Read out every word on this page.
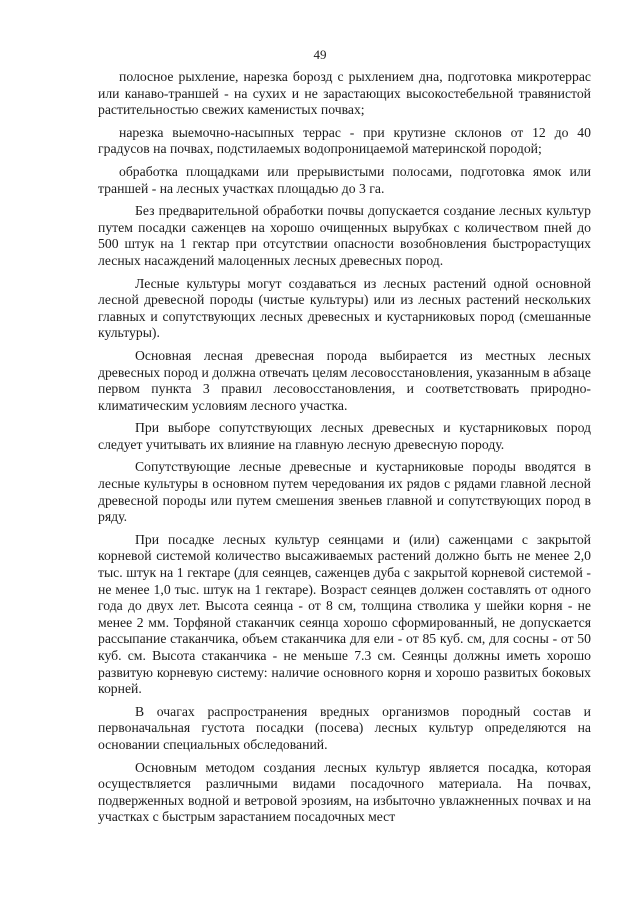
49

полосное рыхление, нарезка борозд с рыхлением дна, подготовка микротеррас или канаво-траншей - на сухих и не зарастающих высокостебельной травянистой растительностью свежих каменистых почвах;

нарезка выемочно-насыпных террас - при крутизне склонов от 12 до 40 градусов на почвах, подстилаемых водопроницаемой материнской породой;

обработка площадками или прерывистыми полосами, подготовка ямок или траншей - на лесных участках площадью до 3 га.

Без предварительной обработки почвы допускается создание лесных культур путем посадки саженцев на хорошо очищенных вырубках с количеством пней до 500 штук на 1 гектар при отсутствии опасности возобновления быстрорастущих лесных насаждений малоценных лесных древесных пород.

Лесные культуры могут создаваться из лесных растений одной основной лесной древесной породы (чистые культуры) или из лесных растений нескольких главных и сопутствующих лесных древесных и кустарниковых пород (смешанные культуры).

Основная лесная древесная порода выбирается из местных лесных древесных пород и должна отвечать целям лесовосстановления, указанным в абзаце первом пункта 3 правил лесовосстановления, и соответствовать природно-климатическим условиям лесного участка.

При выборе сопутствующих лесных древесных и кустарниковых пород следует учитывать их влияние на главную лесную древесную породу.

Сопутствующие лесные древесные и кустарниковые породы вводятся в лесные культуры в основном путем чередования их рядов с рядами главной лесной древесной породы или путем смешения звеньев главной и сопутствующих пород в ряду.

При посадке лесных культур сеянцами и (или) саженцами с закрытой корневой системой количество высаживаемых растений должно быть не менее 2,0 тыс. штук на 1 гектаре (для сеянцев, саженцев дуба с закрытой корневой системой - не менее 1,0 тыс. штук на 1 гектаре). Возраст сеянцев должен составлять от одного года до двух лет. Высота сеянца - от 8 см, толщина стволика у шейки корня - не менее 2 мм. Торфяной стаканчик сеянца хорошо сформированный, не допускается рассыпание стаканчика, объем стаканчика для ели - от 85 куб. см, для сосны - от 50 куб. см. Высота стаканчика - не меньше 7.3 см. Сеянцы должны иметь хорошо развитую корневую систему: наличие основного корня и хорошо развитых боковых корней.

В очагах распространения вредных организмов породный состав и первоначальная густота посадки (посева) лесных культур определяются на основании специальных обследований.

Основным методом создания лесных культур является посадка, которая осуществляется различными видами посадочного материала. На почвах, подверженных водной и ветровой эрозиям, на избыточно увлажненных почвах и на участках с быстрым зарастанием посадочных мест
